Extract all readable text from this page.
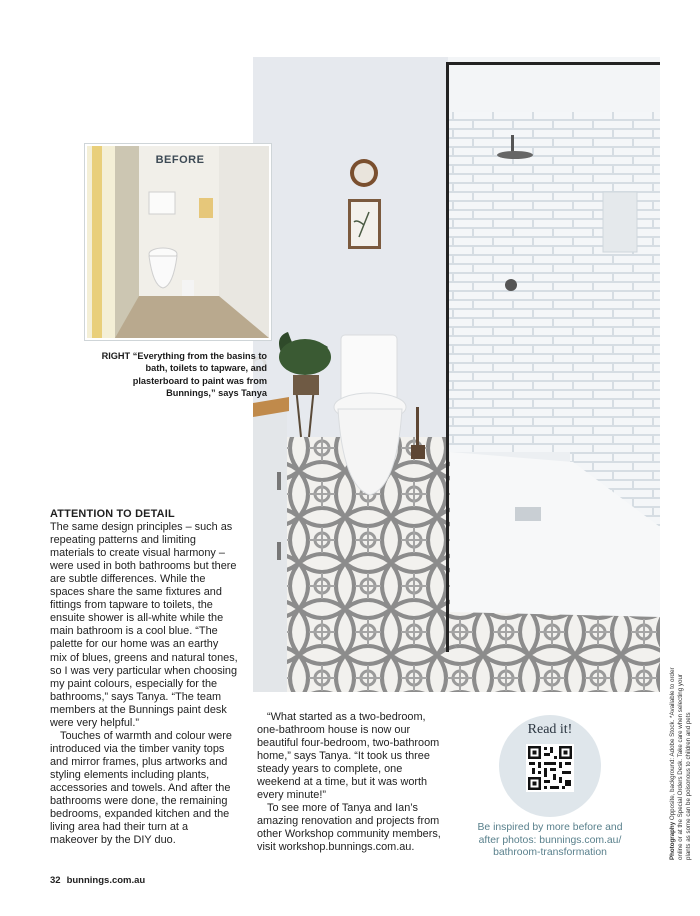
BEFORE
RIGHT “Everything from the basins to bath, toilets to tapware, and plasterboard to paint was from Bunnings,” says Tanya
ATTENTION TO DETAIL

The same design principles – such as repeating patterns and limiting materials to create visual harmony – were used in both bathrooms but there are subtle differences. While the spaces share the same fixtures and fittings from tapware to toilets, the ensuite shower is all-white while the main bathroom is a cool blue. “The palette for our home was an earthy mix of blues, greens and natural tones, so I was very particular when choosing my paint colours, especially for the bathrooms,” says Tanya. “The team members at the Bunnings paint desk were very helpful.”

Touches of warmth and colour were introduced via the timber vanity tops and mirror frames, plus artworks and styling elements including plants, accessories and towels. And after the bathrooms were done, the remaining bedrooms, expanded kitchen and the living area had their turn at a makeover by the DIY duo.

“What started as a two-bedroom, one-bathroom house is now our beautiful four-bedroom, two-bathroom home,” says Tanya. “It took us three steady years to complete, one weekend at a time, but it was worth every minute!”

To see more of Tanya and Ian’s amazing renovation and projects from other Workshop community members, visit workshop.bunnings.com.au.

Read it!
Be inspired by more before and after photos: bunnings.com.au/ bathroom-transformation	Photography Opposite, background: Adobe Stock. *Available to order online or at the Special Orders Desk. Take care when selecting your plants as some can be poisonous to children and pets
32 bunnings.com.au
